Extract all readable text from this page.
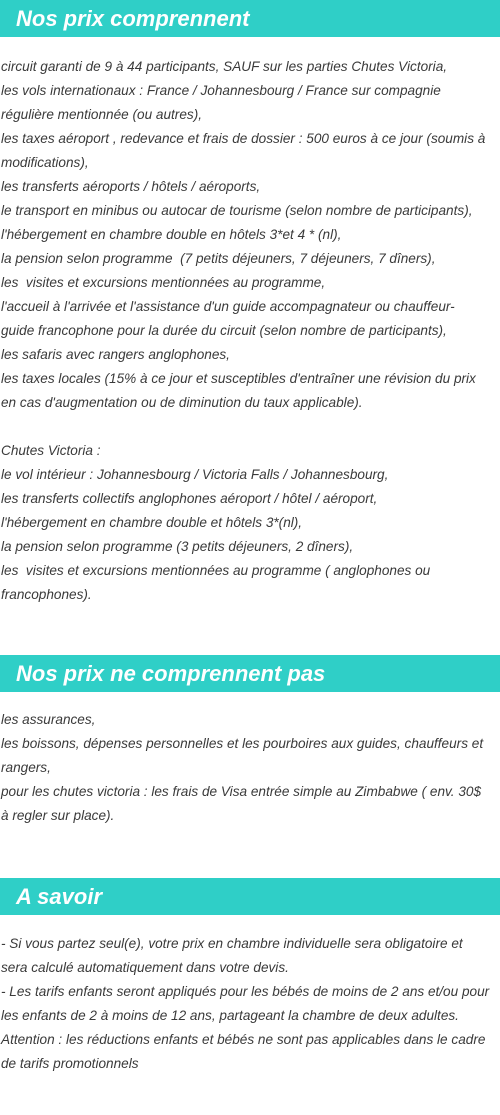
Nos prix comprennent
circuit garanti de 9 à 44 participants, SAUF sur les parties Chutes Victoria,
les vols internationaux : France / Johannesbourg / France sur compagnie
régulière mentionnée (ou autres),
les taxes aéroport , redevance et frais de dossier : 500 euros à ce jour (soumis à
modifications),
les transferts aéroports / hôtels / aéroports,
le transport en minibus ou autocar de tourisme (selon nombre de participants),
l'hébergement en chambre double en hôtels 3*et 4 * (nl),
la pension selon programme  (7 petits déjeuners, 7 déjeuners, 7 dîners),
les  visites et excursions mentionnées au programme,
l'accueil à l'arrivée et l'assistance d'un guide accompagnateur ou chauffeur-
guide francophone pour la durée du circuit (selon nombre de participants),
les safaris avec rangers anglophones,
les taxes locales (15% à ce jour et susceptibles d'entraîner une révision du prix
en cas d'augmentation ou de diminution du taux applicable).
Chutes Victoria :
le vol intérieur : Johannesbourg / Victoria Falls / Johannesbourg,
les transferts collectifs anglophones aéroport / hôtel / aéroport,
l'hébergement en chambre double et hôtels 3*(nl),
la pension selon programme (3 petits déjeuners, 2 dîners),
les  visites et excursions mentionnées au programme ( anglophones ou
francophones).
Nos prix ne comprennent pas
les assurances,
les boissons, dépenses personnelles et les pourboires aux guides, chauffeurs et
rangers,
pour les chutes victoria : les frais de Visa entrée simple au Zimbabwe ( env. 30$
à regler sur place).
A savoir
- Si vous partez seul(e), votre prix en chambre individuelle sera obligatoire et
sera calculé automatiquement dans votre devis.
- Les tarifs enfants seront appliqués pour les bébés de moins de 2 ans et/ou pour
les enfants de 2 à moins de 12 ans, partageant la chambre de deux adultes.
Attention : les réductions enfants et bébés ne sont pas applicables dans le cadre
de tarifs promotionnels
